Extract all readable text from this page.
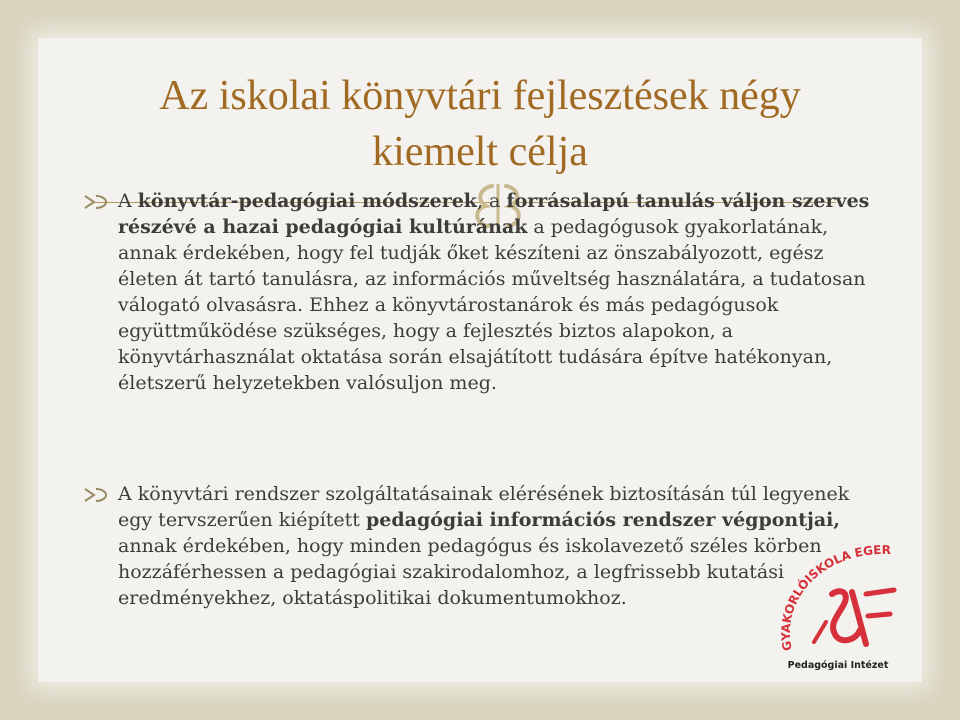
Az iskolai könyvtári fejlesztések négy
kiemelt célja

A könyvtár-pedagógiai módszerek, a forrásalapú tanulás váljon szerves részévé a hazai pedagógiai kultúrának a pedagógusok gyakorlatának, annak érdekében, hogy fel tudják őket készíteni az önszabályozott, egész életen át tartó tanulásra, az információs műveltség használatára, a tudatosan válogató olvasásra. Ehhez a könyvtárostanárok és más pedagógusok együttműködése szükséges, hogy a fejlesztés biztos alapokon, a könyvtárhasználat oktatása során elsajátított tudására építve hatékonyan, életszerű helyzetekben valósuljon meg.

A könyvtári rendszer szolgáltatásainak elérésének biztosításán túl legyenek egy tervszerűen kiépített pedagógiai információs rendszer végpontjai, annak érdekében, hogy minden pedagógus és iskolavezető széles körben hozzáférhessen a pedagógiai szakirodalomhoz, a legfrissebb kutatási eredményekhez, oktatáspolitikai dokumentumokhoz.

GYAKORLÓISKOLA EGER
Pedagógiai Intézet
